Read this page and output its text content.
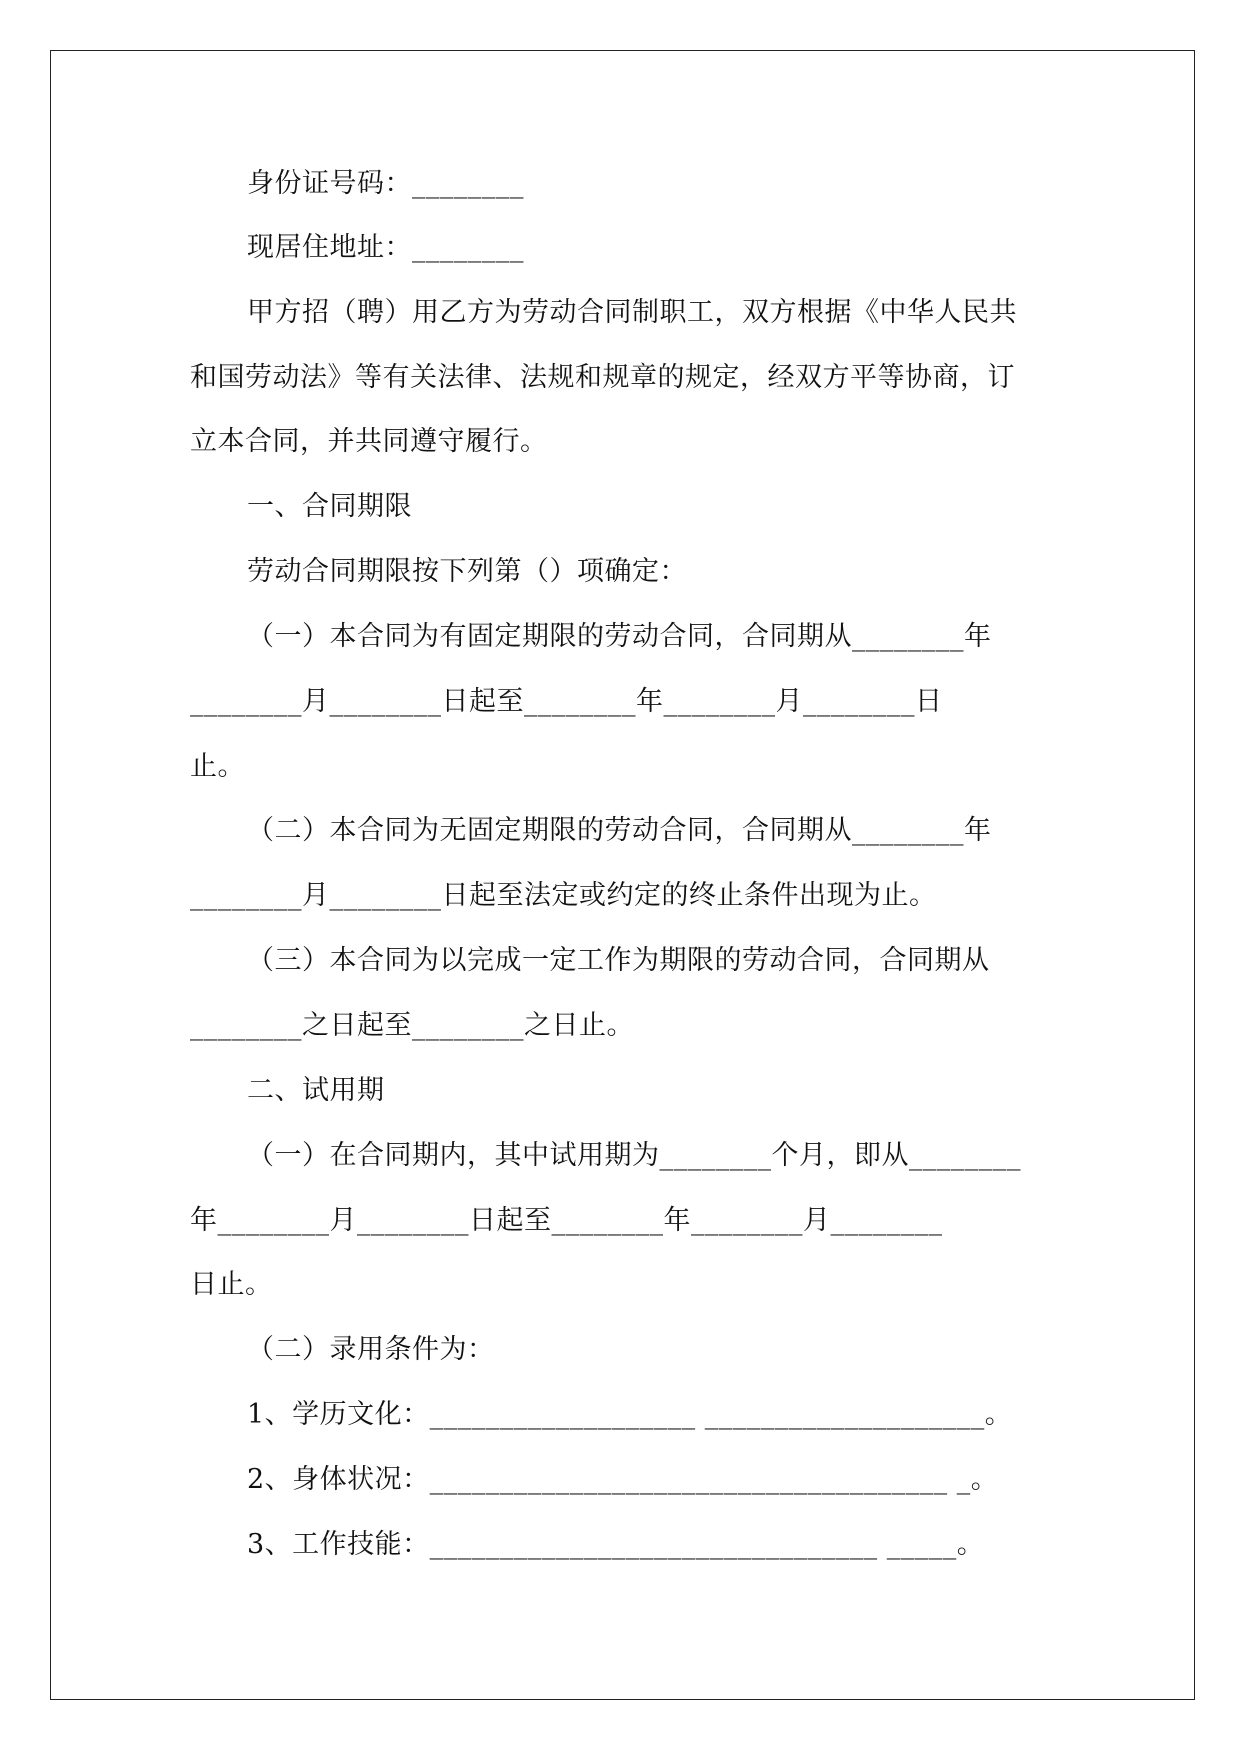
身份证号码：________
现居住地址：________
甲方招（聘）用乙方为劳动合同制职工，双方根据《中华人民共
和国劳动法》等有关法律、法规和规章的规定，经双方平等协商，订
立本合同，并共同遵守履行。
一、合同期限
劳动合同期限按下列第（）项确定：
（一）本合同为有固定期限的劳动合同，合同期从________年
________月________日起至________年________月________日
止。
（二）本合同为无固定期限的劳动合同，合同期从________年
________月________日起至法定或约定的终止条件出现为止。
（三）本合同为以完成一定工作为期限的劳动合同，合同期从
________之日起至________之日止。
二、试用期
（一）在合同期内，其中试用期为________个月，即从________
年________月________日起至________年________月________
日止。
（二）录用条件为：
1、学历文化：___________________ ____________________。
2、身体状况：_____________________________________ _。
3、工作技能：________________________________ _____。
